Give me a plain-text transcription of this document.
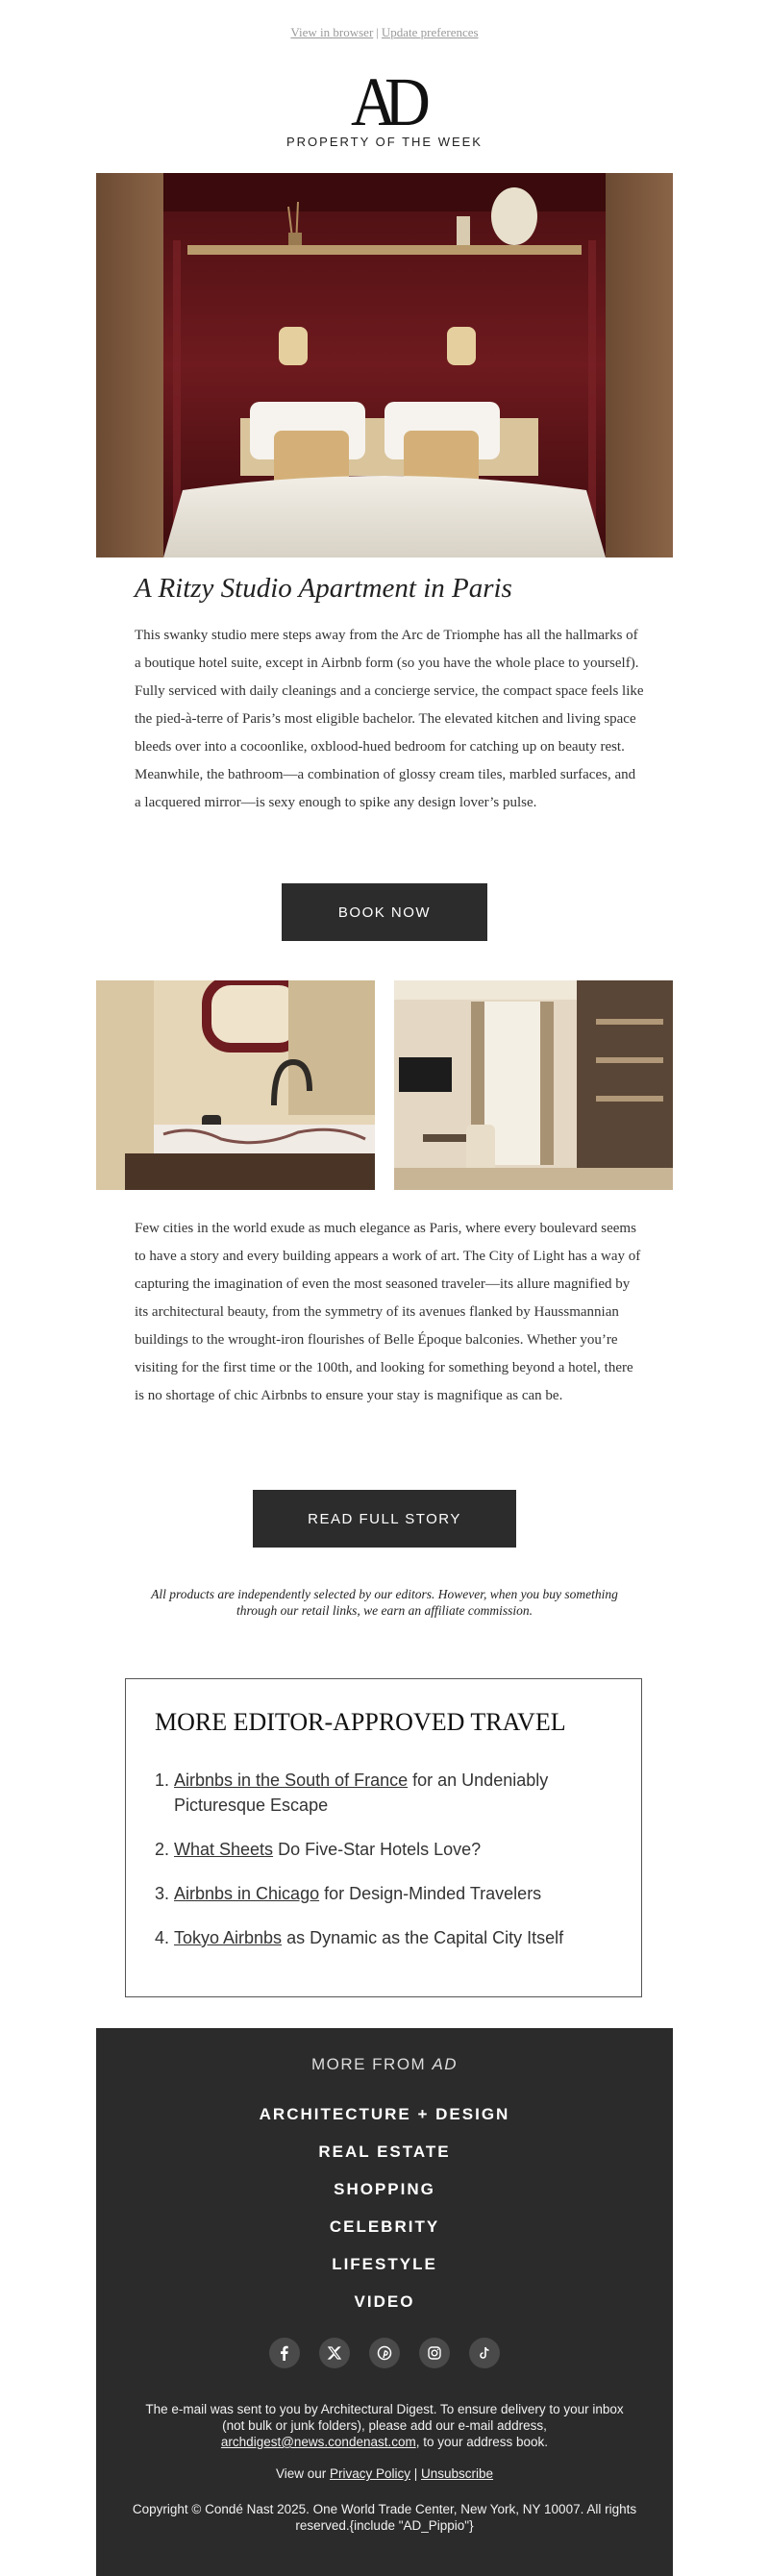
View in browser | Update preferences
AD
PROPERTY OF THE WEEK
A Ritzy Studio Apartment in Paris

This swanky studio mere steps away from the Arc de Triomphe has all the hallmarks of a boutique hotel suite, except in Airbnb form (so you have the whole place to yourself). Fully serviced with daily cleanings and a concierge service, the compact space feels like the pied-à-terre of Paris’s most eligible bachelor. The elevated kitchen and living space bleeds over into a cocoonlike, oxblood-hued bedroom for catching up on beauty rest. Meanwhile, the bathroom—a combination of glossy cream tiles, marbled surfaces, and a lacquered mirror—is sexy enough to spike any design lover’s pulse.

BOOK NOW

Few cities in the world exude as much elegance as Paris, where every boulevard seems to have a story and every building appears a work of art. The City of Light has a way of capturing the imagination of even the most seasoned traveler—its allure magnified by its architectural beauty, from the symmetry of its avenues flanked by Haussmannian buildings to the wrought-iron flourishes of Belle Époque balconies. Whether you’re visiting for the first time or the 100th, and looking for something beyond a hotel, there is no shortage of chic Airbnbs to ensure your stay is magnifique as can be.

READ FULL STORY

All products are independently selected by our editors. However, when you buy something through our retail links, we earn an affiliate commission.

MORE EDITOR-APPROVED TRAVEL
1. Airbnbs in the South of France for an Undeniably Picturesque Escape
2. What Sheets Do Five-Star Hotels Love?
3. Airbnbs in Chicago for Design-Minded Travelers
4. Tokyo Airbnbs as Dynamic as the Capital City Itself
MORE FROM AD
ARCHITECTURE + DESIGN
REAL ESTATE
SHOPPING
CELEBRITY
LIFESTYLE
VIDEO

The e-mail was sent to you by Architectural Digest. To ensure delivery to your inbox (not bulk or junk folders), please add our e-mail address, archdigest@news.condenast.com, to your address book.

View our Privacy Policy | Unsubscribe

Copyright © Condé Nast 2025. One World Trade Center, New York, NY 10007. All rights reserved.{include "AD_Pippio"}
